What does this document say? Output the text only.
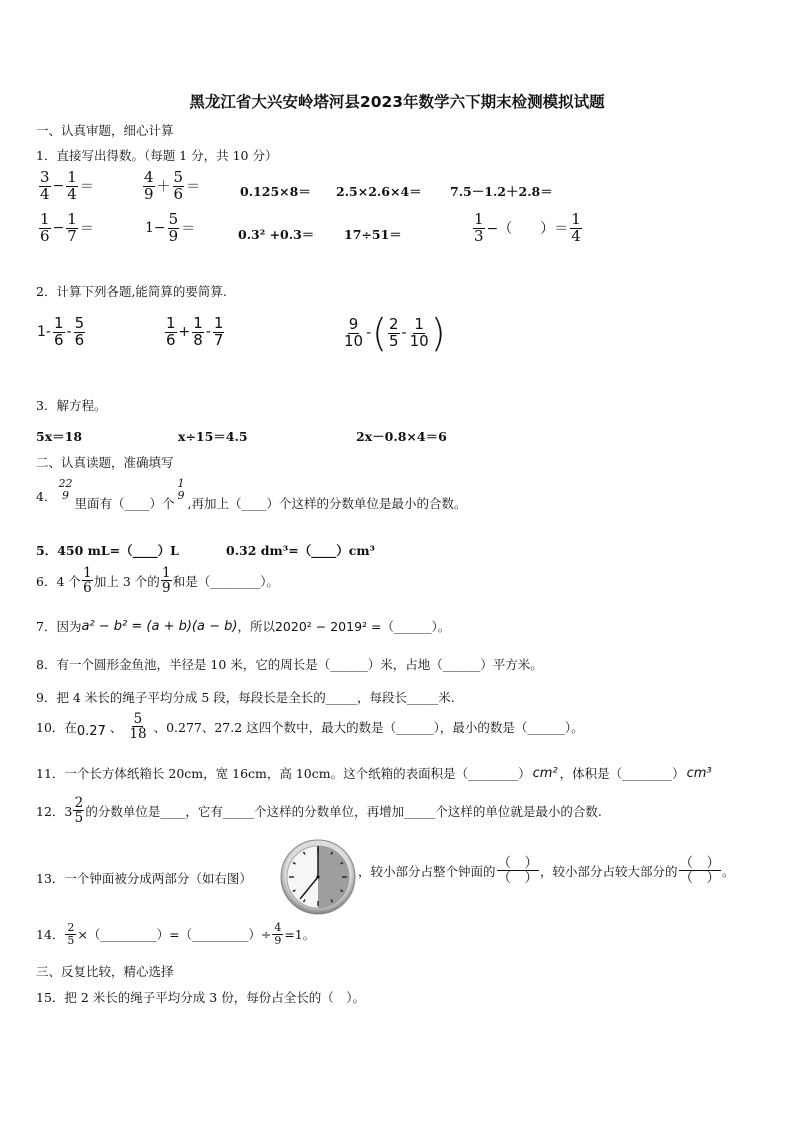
黑龙江省大兴安岭塔河县2023年数学六下期末检测模拟试题
一、认真审题，细心计算
1．直接写出得数。（每题 1 分，共 10 分）
$\frac{3}{4} - \frac{1}{4}$ ＝	$\frac{4}{9} + \frac{5}{6}$ ＝	0.125×8＝ 2.5×2.6×4＝ 7.5－1.2＋2.8＝
$\frac{1}{6} - \frac{1}{7}$ ＝	$1- \frac{5}{9}$ ＝	0.3² +0.3＝ 17÷51＝	$\frac{1}{3}$ −（　　）＝ $\frac{1}{4}$
2．计算下列各题,能简算的要简算.
$1- \frac{1}{6} - \frac{5}{6}$	$\frac{1}{6} + \frac{1}{8} - \frac{1}{7}$	$\frac{9}{10}$ - ( $\frac{2}{5} - \frac{1}{10}$ )
3．解方程。
5x＝18	x÷15＝4.5	2x－0.8×4＝6
二、认真读题，准确填写
4．
22
9
里面有（____）个
1
9
,再加上（____）个这样的分数单位是最小的合数。
5．450 mL=（____）L	0.32 dm³=（____）cm³
6．4 个 $\frac{1}{6}$ 加上 3 个的 $\frac{1}{9}$ 和是（________）。
7．因为 a² − b² = (a + b)(a − b) ，所以 2020² − 2019² = （______）。
8．有一个圆形金鱼池，半径是 10 米，它的周长是（______）米，占地（______）平方米。
9．把 4 米长的绳子平均分成 5 段，每段长是全长的_____，每段长_____米.
10．在 0.27̇ 、 $\frac{5}{18}$ 、0.277、27.2 这四个数中，最大的数是（______），最小的数是（______）。
11．一个长方体纸箱长 20cm，宽 16cm，高 10cm。这个纸箱的表面积是（________） cm² ，体积是（________） cm³
12．$3 \frac{2}{5}$ 的分数单位是____，它有_____个这样的分数单位，再增加_____个这样的单位就是最小的合数.
13．一个钟面被分成两部分（如右图）	，较小部分占整个钟面的 $\frac{( )}{( )}$ ，较小部分占较大部分的 $\frac{( )}{( )}$ 。
14． $\frac{2}{5}$ ×（_________）=（_________）÷ $\frac{4}{9} =1$。
三、反复比较，精心选择
15．把 2 米长的绳子平均分成 3 份，每份占全长的（　）。
